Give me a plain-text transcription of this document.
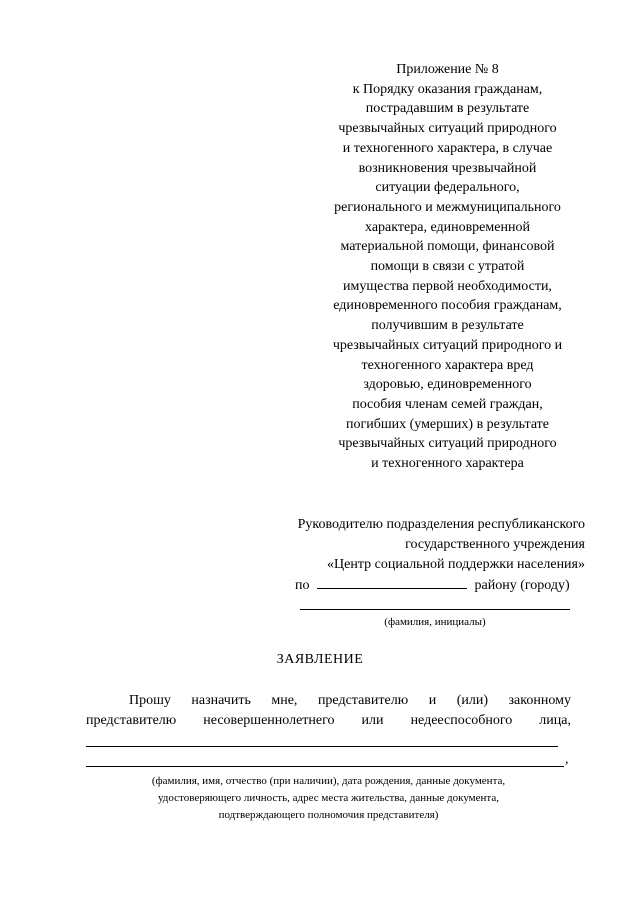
Приложение № 8
к Порядку оказания гражданам,
пострадавшим в результате
чрезвычайных ситуаций природного
и техногенного характера, в случае
возникновения чрезвычайной
ситуации федерального,
регионального и межмуниципального
характера, единовременной
материальной помощи, финансовой
помощи в связи с утратой
имущества первой необходимости,
единовременного пособия гражданам,
получившим в результате
чрезвычайных ситуаций природного и
техногенного характера вред
здоровью, единовременного
пособия членам семей граждан,
погибших (умерших) в результате
чрезвычайных ситуаций природного
и техногенного характера
Руководителю подразделения республиканского
государственного учреждения
«Центр социальной поддержки населения»
по	району (городу)
(фамилия, инициалы)
ЗАЯВЛЕНИЕ
Прошу назначить мне, представителю и (или) законному
представителю несовершеннолетнего или недееспособного лица,
,
(фамилия, имя, отчество (при наличии), дата рождения, данные документа,
удостоверяющего личность, адрес места жительства, данные документа,
подтверждающего полномочия представителя)
